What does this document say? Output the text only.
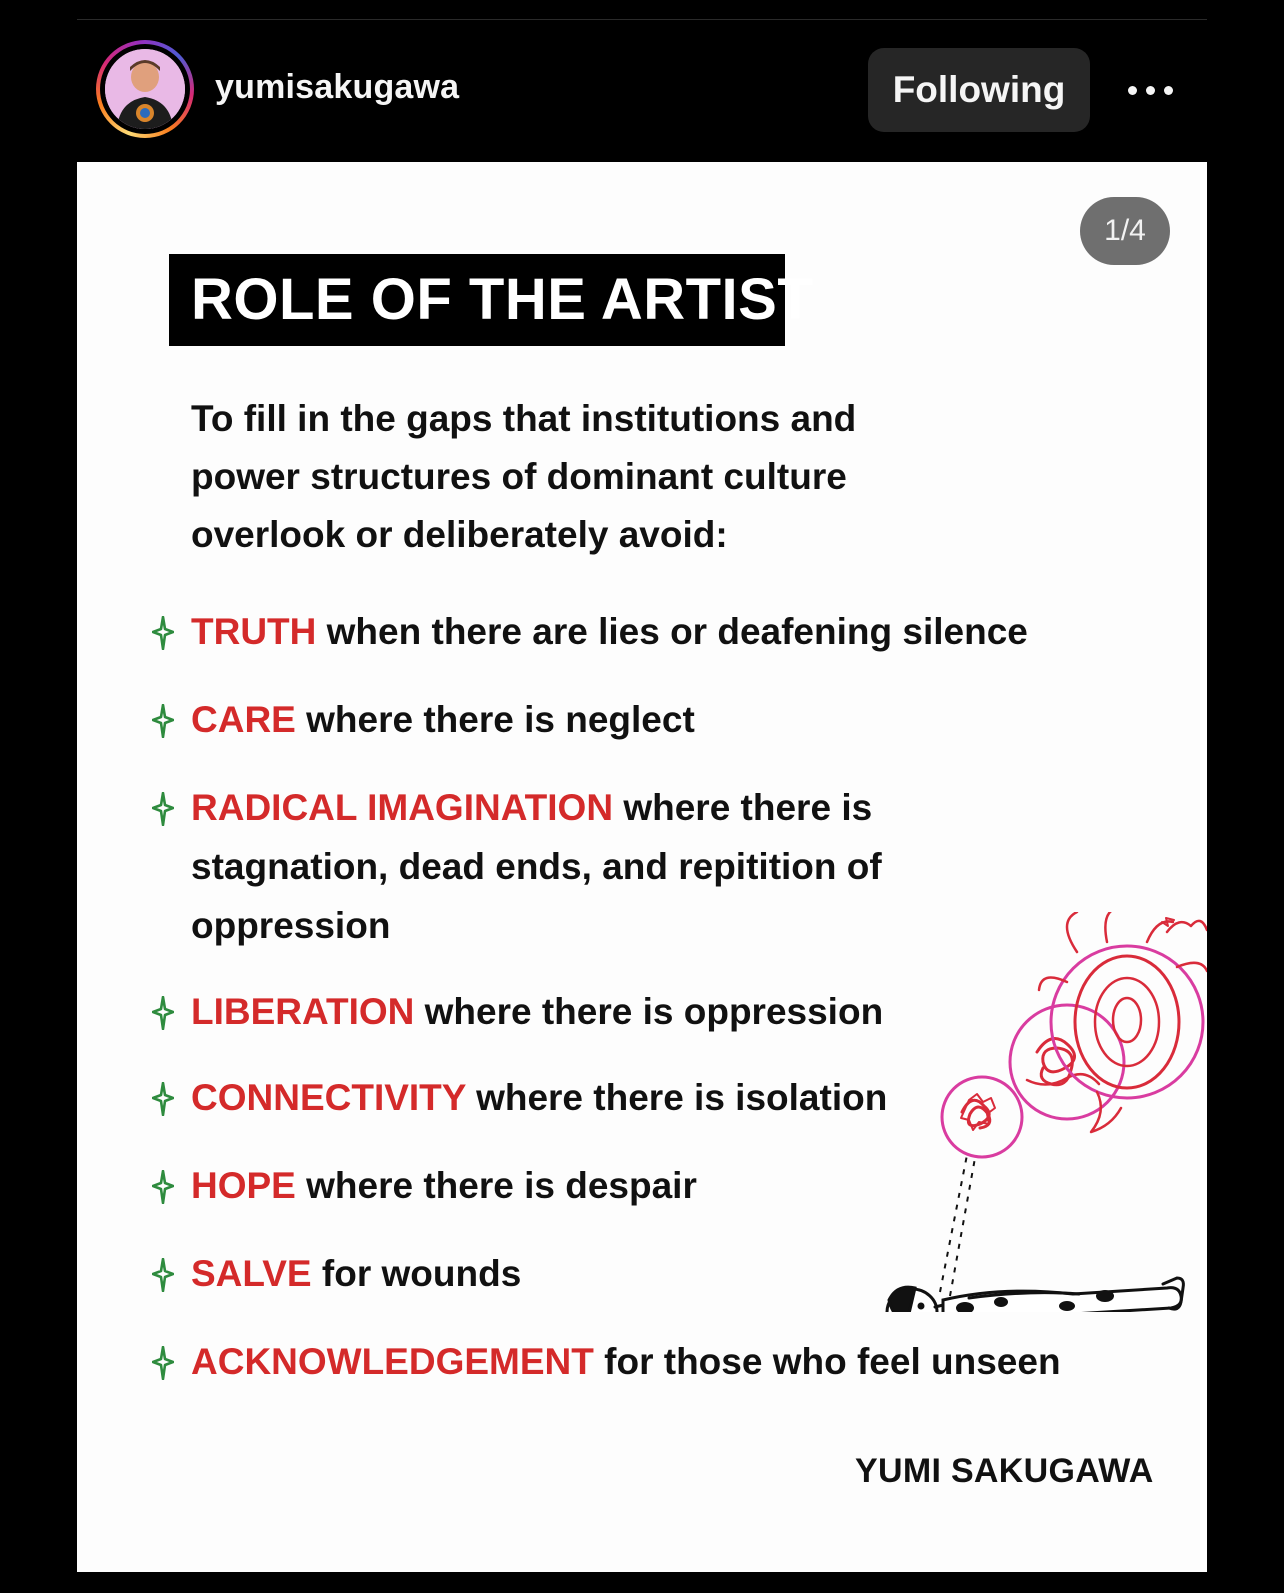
yumisakugawa	Following
1/4
ROLE OF THE ARTIST
To fill in the gaps that institutions and power structures of dominant culture overlook or deliberately avoid:
YUMI SAKUGAWA
TRUTH when there are lies or deafening silence
CARE where there is neglect
RADICAL IMAGINATION where there is stagnation, dead ends, and repitition of oppression
LIBERATION where there is oppression
CONNECTIVITY where there is isolation
HOPE where there is despair
SALVE for wounds
ACKNOWLEDGEMENT for those who feel unseen
